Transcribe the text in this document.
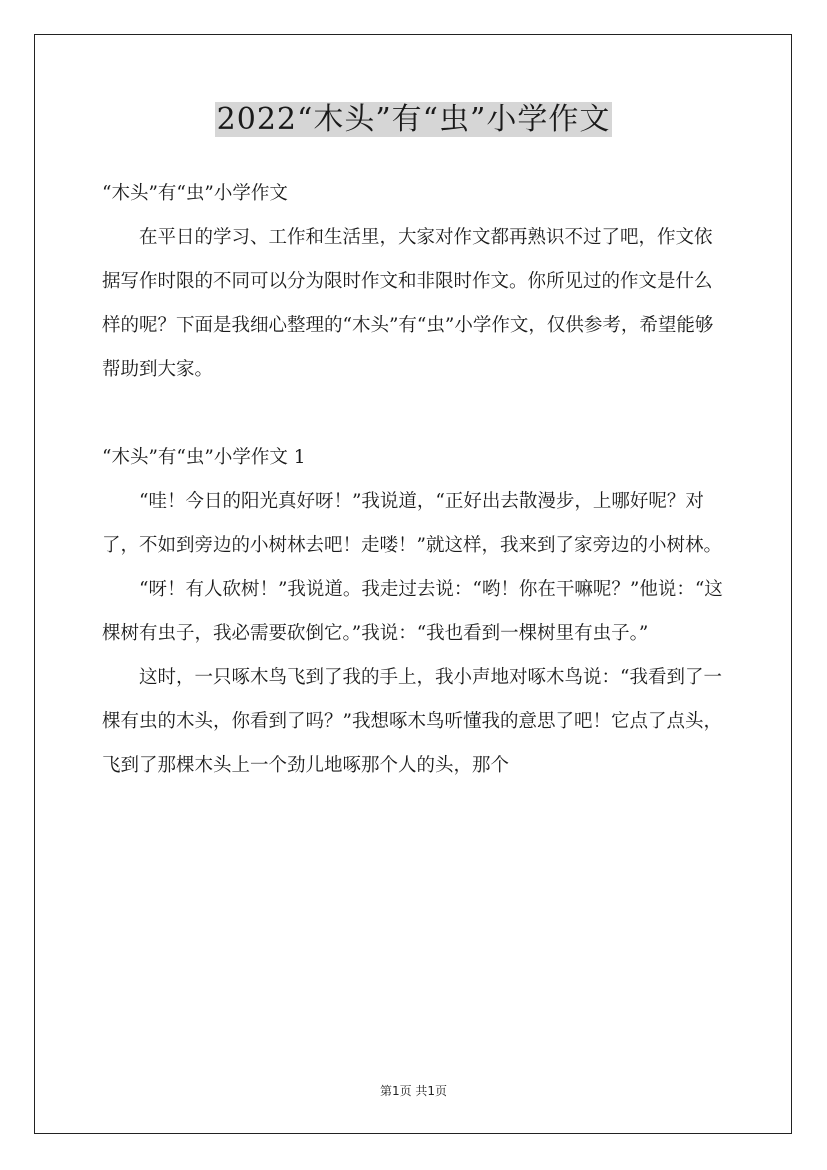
2022“木头”有“虫”小学作文

“木头”有“虫”小学作文

在平日的学习、工作和生活里，大家对作文都再熟识不过了吧，作文依据写作时限的不同可以分为限时作文和非限时作文。你所见过的作文是什么样的呢？下面是我细心整理的“木头”有“虫”小学作文，仅供参考，希望能够帮助到大家。

“木头”有“虫”小学作文 1

“哇！今日的阳光真好呀！”我说道，“正好出去散漫步，上哪好呢？对了，不如到旁边的小树林去吧！走喽！”就这样，我来到了家旁边的小树林。

“呀！有人砍树！”我说道。我走过去说：“哟！你在干嘛呢？”他说：“这棵树有虫子，我必需要砍倒它。”我说：“我也看到一棵树里有虫子。”

这时，一只啄木鸟飞到了我的手上，我小声地对啄木鸟说：“我看到了一棵有虫的木头，你看到了吗？”我想啄木鸟听懂我的意思了吧！它点了点头，飞到了那棵木头上一个劲儿地啄那个人的头，那个

第1页 共1页
